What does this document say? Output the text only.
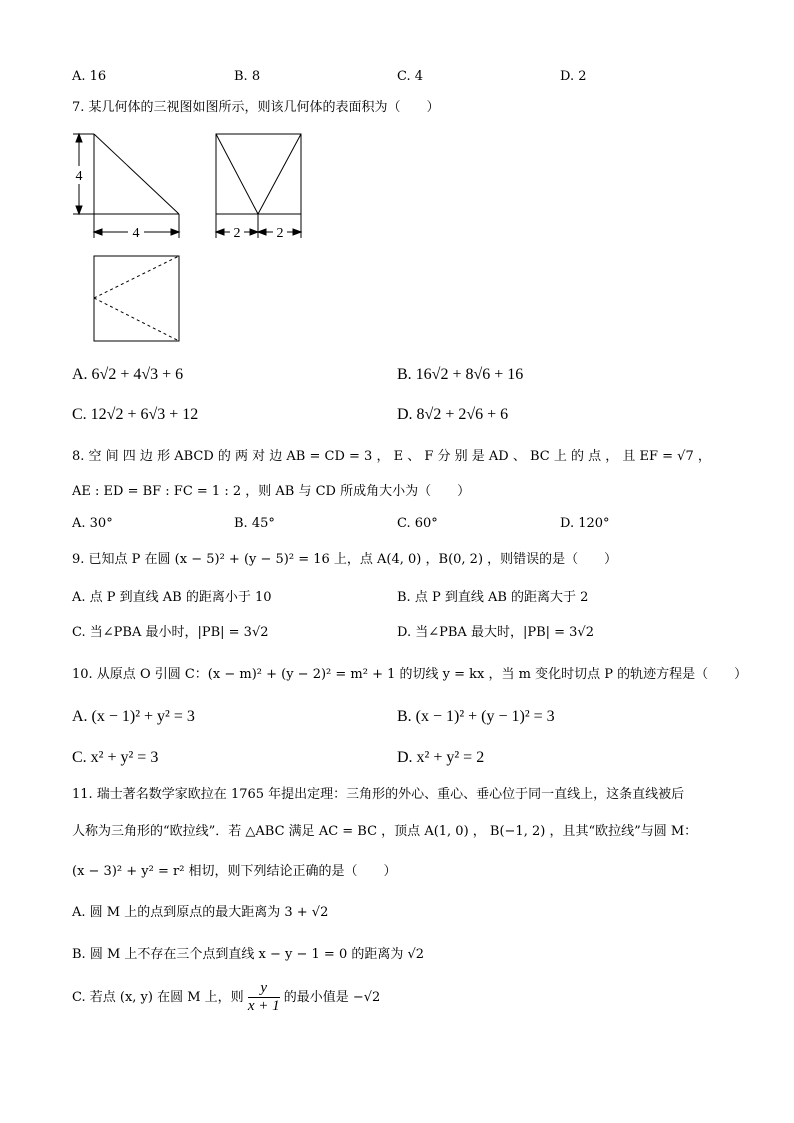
A. 16	B. 8	C. 4	D. 2
7. 某几何体的三视图如图所示，则该几何体的表面积为（　　）
4
4	2	2
A. 6√2 + 4√3 + 6	B. 16√2 + 8√6 + 16
C. 12√2 + 6√3 + 12	D. 8√2 + 2√6 + 6
8. 空 间 四 边 形 ABCD 的 两 对 边 AB = CD = 3 ， E 、 F 分 别 是 AD 、 BC 上 的 点 ， 且 EF = √7 ，
AE : ED = BF : FC = 1 : 2 ，则 AB 与 CD 所成角大小为（　　）
A. 30°	B. 45°	C. 60°	D. 120°
9. 已知点 P 在圆 (x − 5)² + (y − 5)² = 16 上，点 A(4, 0) ，B(0, 2) ，则错误的是（　　）
A. 点 P 到直线 AB 的距离小于 10	B. 点 P 到直线 AB 的距离大于 2
C. 当∠PBA 最小时，|PB| = 3√2	D. 当∠PBA 最大时，|PB| = 3√2
10. 从原点 O 引圆 C：(x − m)² + (y − 2)² = m² + 1 的切线 y = kx ，当 m 变化时切点 P 的轨迹方程是（　　）
A. (x − 1)² + y² = 3	B. (x − 1)² + (y − 1)² = 3
C. x² + y² = 3	D. x² + y² = 2
11. 瑞士著名数学家欧拉在 1765 年提出定理：三角形的外心、重心、垂心位于同一直线上，这条直线被后
人称为三角形的“欧拉线”．若 △ABC 满足 AC = BC ，顶点 A(1, 0) ， B(−1, 2) ，且其“欧拉线”与圆 M：
(x − 3)² + y² = r² 相切，则下列结论正确的是（　　）
A. 圆 M 上的点到原点的最大距离为 3 + √2
B. 圆 M 上不存在三个点到直线 x − y − 1 = 0 的距离为 √2
C. 若点 (x, y) 在圆 M 上，则 $\frac{y}{x + 1}$ 的最小值是 −√2
